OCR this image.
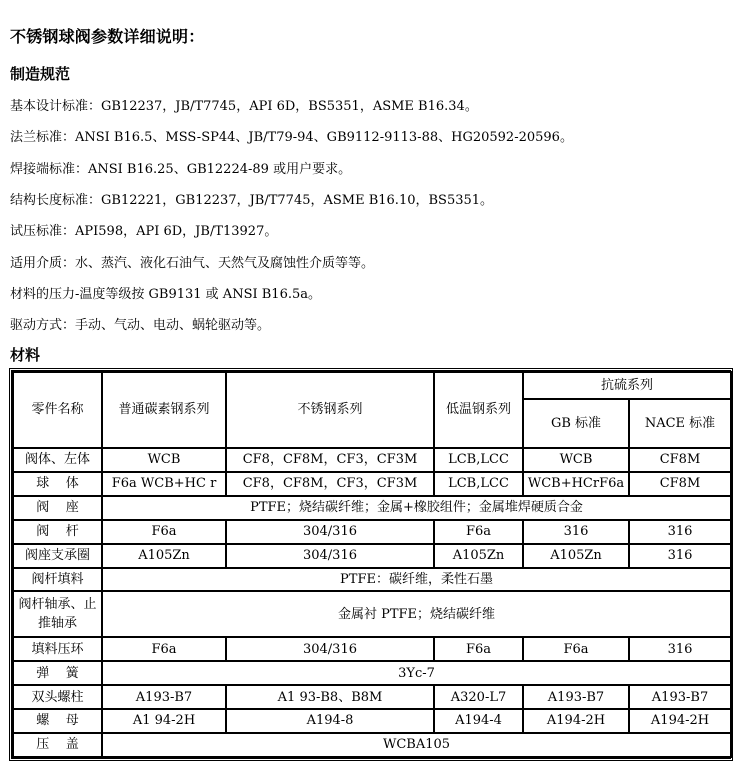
不锈钢球阀参数详细说明：
制造规范
基本设计标准：GB12237，JB/T7745，API 6D，BS5351，ASME B16.34。
法兰标准：ANSI B16.5、MSS-SP44、JB/T79-94、GB9112-9113-88、HG20592-20596。
焊接端标准：ANSI B16.25、GB12224-89 或用户要求。
结构长度标准：GB12221，GB12237，JB/T7745，ASME B16.10，BS5351。
试压标准：API598，API 6D，JB/T13927。
适用介质：水、蒸汽、液化石油气、天然气及腐蚀性介质等等。
材料的压力-温度等级按 GB9131 或 ANSI B16.5a。
驱动方式：手动、气动、电动、蜗轮驱动等。
材料
零件名称	普通碳素钢系列	不锈钢系列	低温钢系列	抗硫系列	
				GB 标准	NACE 标准
阀体、左体	WCB	CF8，CF8M，CF3，CF3M	LCB,LCC	WCB	CF8M
球    体	F6a WCB+HC r	CF8，CF8M，CF3，CF3M	LCB,LCC	WCB+HCrF6a	CF8M
阀    座	PTFE；烧结碳纤维；金属+橡胶组件；金属堆焊硬质合金				
阀    杆	F6a	304/316	F6a	316	316
阀座支承圈	A105Zn	304/316	A105Zn	A105Zn	316
阀杆填料	PTFE：碳纤维，柔性石墨				
阀杆轴承、止推轴承	金属衬 PTFE；烧结碳纤维				
填料压环	F6a	304/316	F6a	F6a	316
弹    簧	3Yc-7				
双头螺柱	A193-B7	A1 93-B8、B8M	A320-L7	A193-B7	A193-B7
螺    母	A1 94-2H	A194-8	A194-4	A194-2H	A194-2H
压    盖	WCBA105				
